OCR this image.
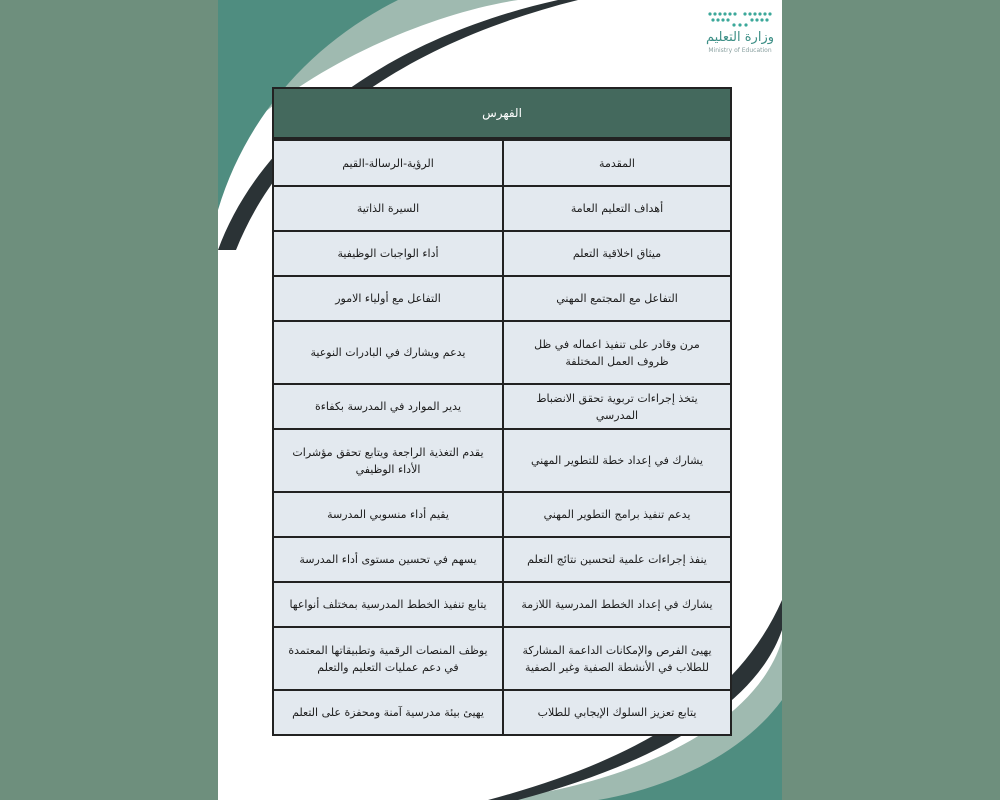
وزارة التعليم
Ministry of Education
الفهرس
المقدمة
الرؤية-الرسالة-القيم
أهداف التعليم العامة
السيرة الذاتية
ميثاق اخلاقية التعلم
أداء الواجبات الوظيفية
التفاعل مع المجتمع المهني
التفاعل مع أولياء الامور
مرن وقادر على تنفيذ اعماله في ظل ظروف العمل المختلفة
يدعم ويشارك في البادرات النوعية
يتخذ إجراءات تربوية تحقق الانضباط المدرسي
يدير الموارد في المدرسة بكفاءة
يشارك في إعداد خطة للتطوير المهني
يقدم التغذية الراجعة ويتابع تحقق مؤشرات الأداء الوظيفي
يدعم تنفيذ برامج التطوير المهني
يقيم أداء منسوبي المدرسة
ينفذ إجراءات علمية لتحسين نتائج التعلم
يسهم في تحسين مستوى أداء المدرسة
يشارك في إعداد الخطط المدرسية اللازمة
يتابع تنفيذ الخطط المدرسية بمختلف أنواعها
يهيئ الفرص والإمكانات الداعمة المشاركة للطلاب في الأنشطة الصفية وغير الصفية
يوظف المنصات الرقمية وتطبيقاتها المعتمدة في دعم عمليات التعليم والتعلم
يتابع تعزيز السلوك الإيجابي للطلاب
يهيئ بيئة مدرسية آمنة ومحفزة على التعلم
